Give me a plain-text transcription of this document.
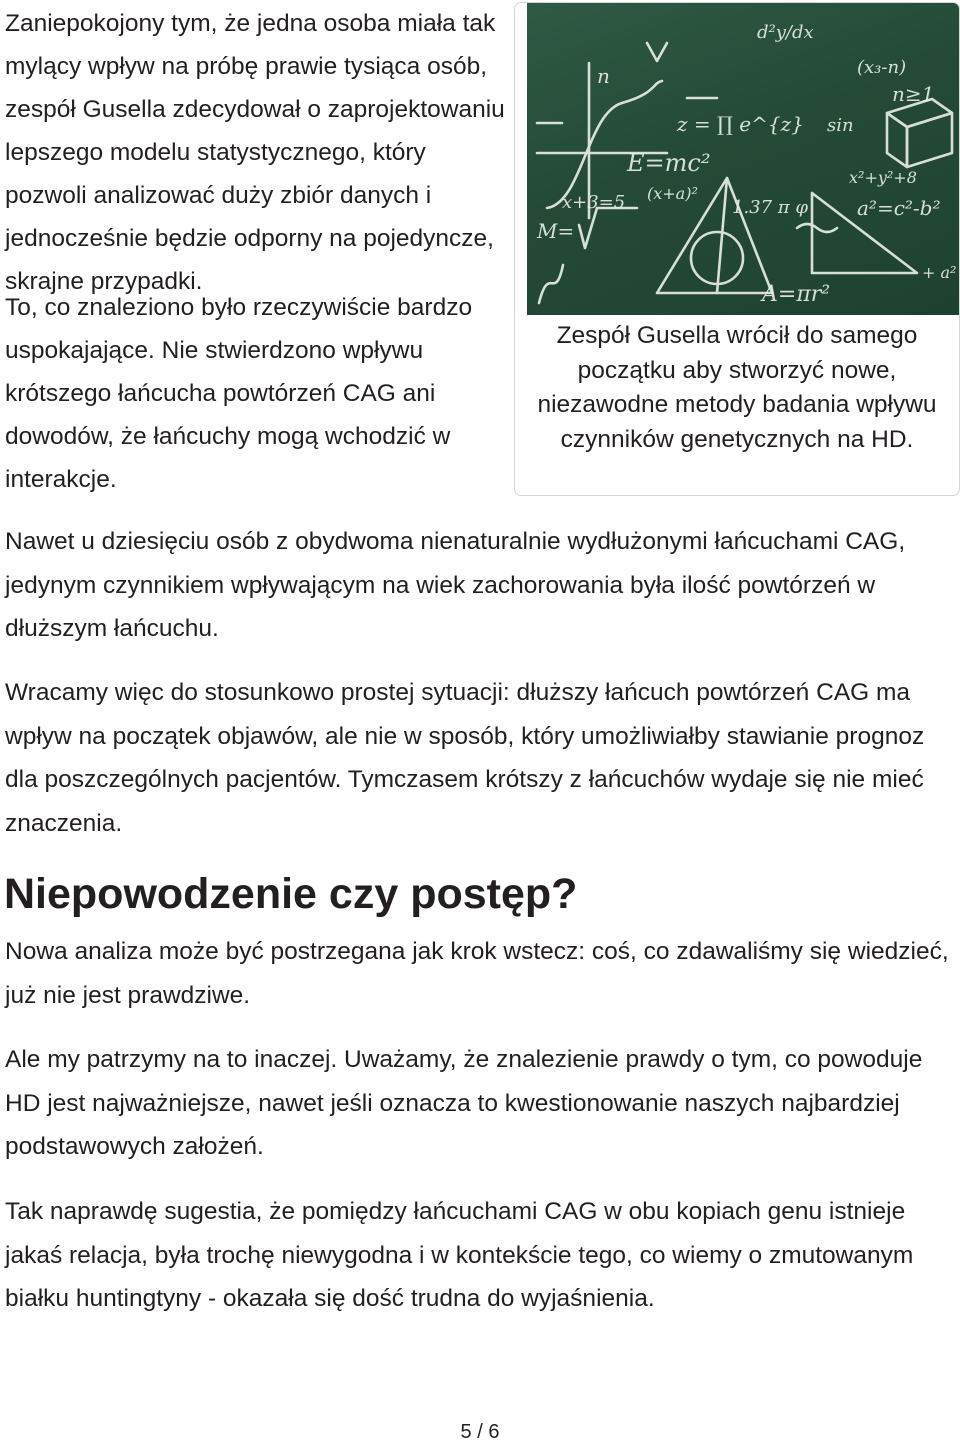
Zaniepokojony tym, że jedna osoba miała tak mylący wpływ na próbę prawie tysiąca osób, zespół Gusella zdecydował o zaprojektowaniu lepszego modelu statystycznego, który pozwoli analizować duży zbiór danych i jednocześnie będzie odporny na pojedyncze, skrajne przypadki.

To, co znaleziono było rzeczywiście bardzo uspokajające. Nie stwierdzono wpływu krótszego łańcucha powtórzeń CAG ani dowodów, że łańcuchy mogą wchodzić w interakcje.

E=mc²
x+3=5
A=πr²
a²=c²-b²
(x+a)²
1.37 π φ
n≥1
sin
x²+y²+8
(x₃-n)
n
z = ∏ e^{z}
M=
d²y/dx
+ a²

Zespół Gusella wrócił do samego początku aby stworzyć nowe, niezawodne metody badania wpływu czynników genetycznych na HD.

Nawet u dziesięciu osób z obydwoma nienaturalnie wydłużonymi łańcuchami CAG, jedynym czynnikiem wpływającym na wiek zachorowania była ilość powtórzeń w dłuższym łańcuchu.

Wracamy więc do stosunkowo prostej sytuacji: dłuższy łańcuch powtórzeń CAG ma wpływ na początek objawów, ale nie w sposób, który umożliwiałby stawianie prognoz dla poszczególnych pacjentów. Tymczasem krótszy z łańcuchów wydaje się nie mieć znaczenia.

Niepowodzenie czy postęp?

Nowa analiza może być postrzegana jak krok wstecz: coś, co zdawaliśmy się wiedzieć, już nie jest prawdziwe.

Ale my patrzymy na to inaczej. Uważamy, że znalezienie prawdy o tym, co powoduje HD jest najważniejsze, nawet jeśli oznacza to kwestionowanie naszych najbardziej podstawowych założeń.

Tak naprawdę sugestia, że pomiędzy łańcuchami CAG w obu kopiach genu istnieje jakaś relacja, była trochę niewygodna i w kontekście tego, co wiemy o zmutowanym białku huntingtyny - okazała się dość trudna do wyjaśnienia.

5 / 6
